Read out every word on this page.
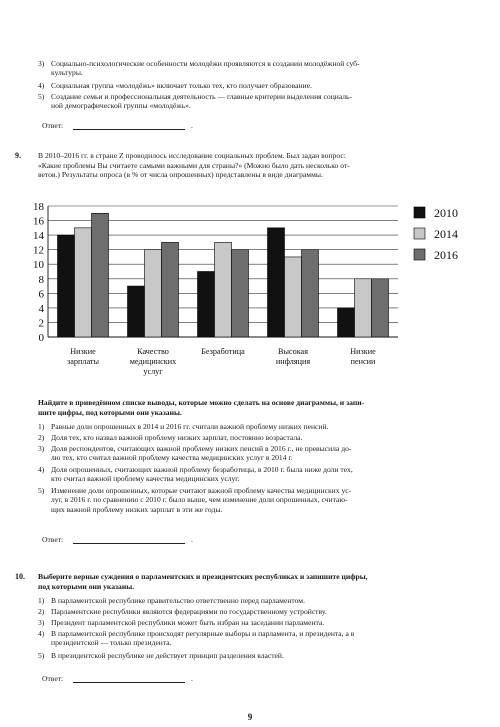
3) Социально-психологические особенности молодёжи проявляются в создании молодёжной суб-
культуры.
4) Социальная группа «молодёжь» включает только тех, кто получает образование.
5) Создание семьи и профессиональная деятельность — главные критерии выделения социаль-
ной демографической группы «молодёжь».
Ответ:	.
9. В 2010–2016 гг. в стране Z проводилось исследование социальных проблем. Был задан вопрос:
«Какие проблемы Вы считаете самыми важными для страны?» (Можно было дать несколько от-
ветов.) Результаты опроса (в % от числа опрошенных) представлены в виде диаграммы.
0
2
4
6
8
10
12
14
16
18
Низкие
зарплаты
Качество
медицинских
услуг
Безработица	Высокая
инфляция
Низкие
пенсии
2010
2014
2016
Найдите в приведённом списке выводы, которые можно сделать на основе диаграммы, и запи-
шите цифры, под которыми они указаны.
1) Равные доли опрошенных в 2014 и 2016 гг. считали важной проблему низких пенсий.
2) Доля тех, кто назвал важной проблему низких зарплат, постоянно возрастала.
3) Доля респондентов, считающих важной проблему низких пенсий в 2016 г., не превысила до-
лю тех, кто считал важной проблему качества медицинских услуг в 2014 г.
4) Доля опрошенных, считающих важной проблему безработицы, в 2010 г. была ниже доли тех,
кто считал важной проблему качества медицинских услуг.
5) Изменение доли опрошенных, которые считают важной проблему качества медицинских ус-
луг, в 2016 г. по сравнению с 2010 г. было выше, чем изменение доли опрошенных, считаю-
щих важной проблему низких зарплат в эти же годы.
Ответ:	.
10. Выберите верные суждения о парламентских и президентских республиках и запишите цифры,
под которыми они указаны.
1) В парламентской республике правительство ответственно перед парламентом.
2) Парламентские республики являются федерациями по государственному устройству.
3) Президент парламентской республики может быть избран на заседании парламента.
4) В парламентской республике происходят регулярные выборы и парламента, и президента, а в
президентской — только президента.
5) В президентской республике не действует принцип разделения властей.
Ответ:	.
9
